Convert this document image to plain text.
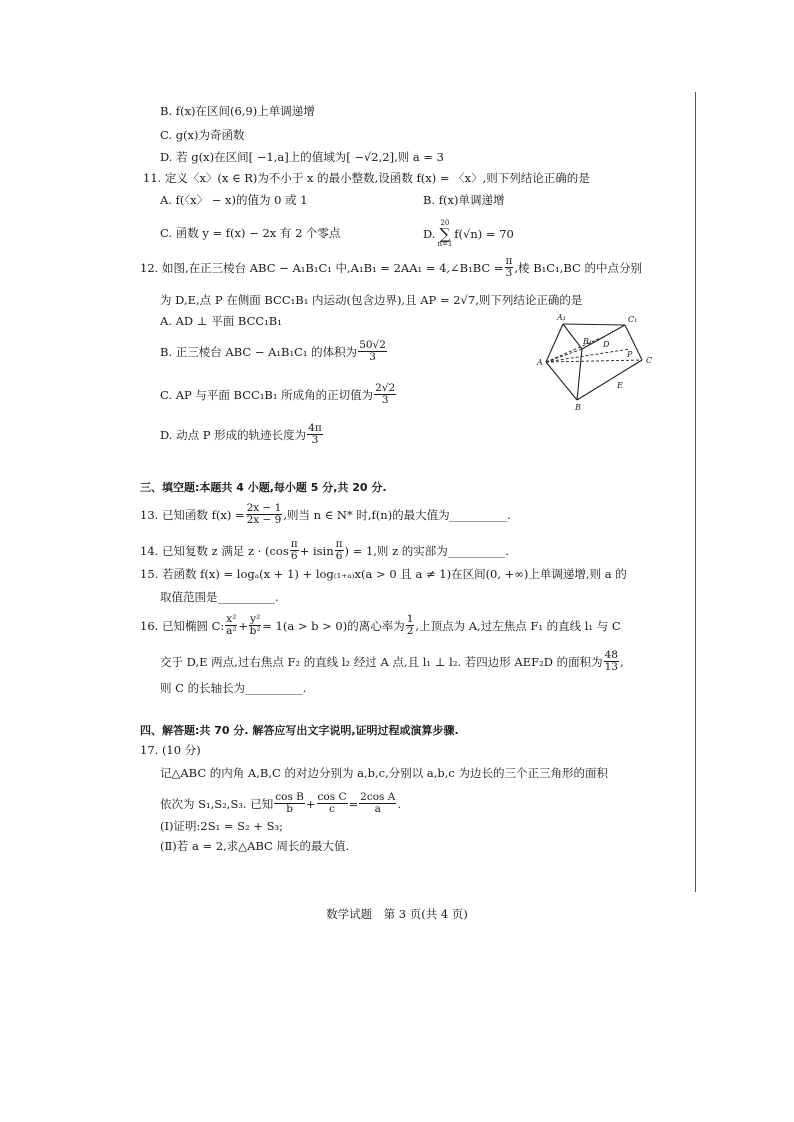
B. f(x)在区间(6,9)上单调递增
C. g(x)为奇函数
D. 若 g(x)在区间[ −1,a]上的值域为[ −√2,2],则 a = 3
11. 定义〈x〉(x ∈ R)为不小于 x 的最小整数,设函数 f(x) = 〈x〉,则下列结论正确的是
A. f(〈x〉 − x)的值为 0 或 1	B. f(x)单调递增
C. 函数 y = f(x) − 2x 有 2 个零点	D.
20
∑
n=1
f(√n) = 70
12. 如图,在正三棱台 ABC − A₁B₁C₁ 中,A₁B₁ = 2AA₁ = 4,∠B₁BC = $\frac{\pi}{3}$ ,棱 B₁C₁,BC 的中点分别
为 D,E,点 P 在侧面 BCC₁B₁ 内运动(包含边界),且 AP = 2√7,则下列结论正确的是
A. AD ⊥ 平面 BCC₁B₁
B. 正三棱台 ABC − A₁B₁C₁ 的体积为 $\frac{50√2}{3}$
C. AP 与平面 BCC₁B₁ 所成角的正切值为 $\frac{2√2}{3}$
D. 动点 P 形成的轨迹长度为 $\frac{4\pi}{3}$
A₁	C₁
B₁
A	C
B
D
E
P
三、填空题:本题共 4 小题,每小题 5 分,共 20 分.
13. 已知函数 $f(x) = \frac{2x - 1}{2x - 9}$ ,则当 n ∈ N* 时,f(n)的最大值为__________.
14. 已知复数 z 满足 $z \cdot (\cos \frac{\pi}{6} + isin \frac{\pi}{6}$ ) = 1,则 z 的实部为__________.
15. 若函数 f(x) = logₐ(x + 1) + log₍₁₊ₐ₎x(a > 0 且 a ≠ 1)在区间(0, +∞)上单调递增,则 a 的
取值范围是__________.
16. 已知椭圆 C: $\frac{\text{x²}}{\text{a²}} + \frac{\text{y²}}{\text{b²}} = 1(a > b > 0)$的离心率为 $\frac{1}{2}$ ,上顶点为 A,过左焦点 F₁ 的直线 l₁ 与 C
交于 D,E 两点,过右焦点 F₂ 的直线 l₂ 经过 A 点,且 l₁ ⊥ l₂. 若四边形 AEF₂D 的面积为 $\frac{48}{13}$ ,
则 C 的长轴长为__________.
四、解答题:共 70 分. 解答应写出文字说明,证明过程或演算步骤.
17. (10 分)
记△ABC 的内角 A,B,C 的对边分别为 a,b,c,分别以 a,b,c 为边长的三个正三角形的面积
依次为 S₁,S₂,S₃. 已知 $\frac{\text{cos B}}{b} + \frac{\text{cos C}}{c} = \frac{\text{2cos A}}{a}$ .
(Ⅰ)证明:2S₁ = S₂ + S₃;
(Ⅱ)若 a = 2,求△ABC 周长的最大值.
数学试题　第 3 页(共 4 页)
